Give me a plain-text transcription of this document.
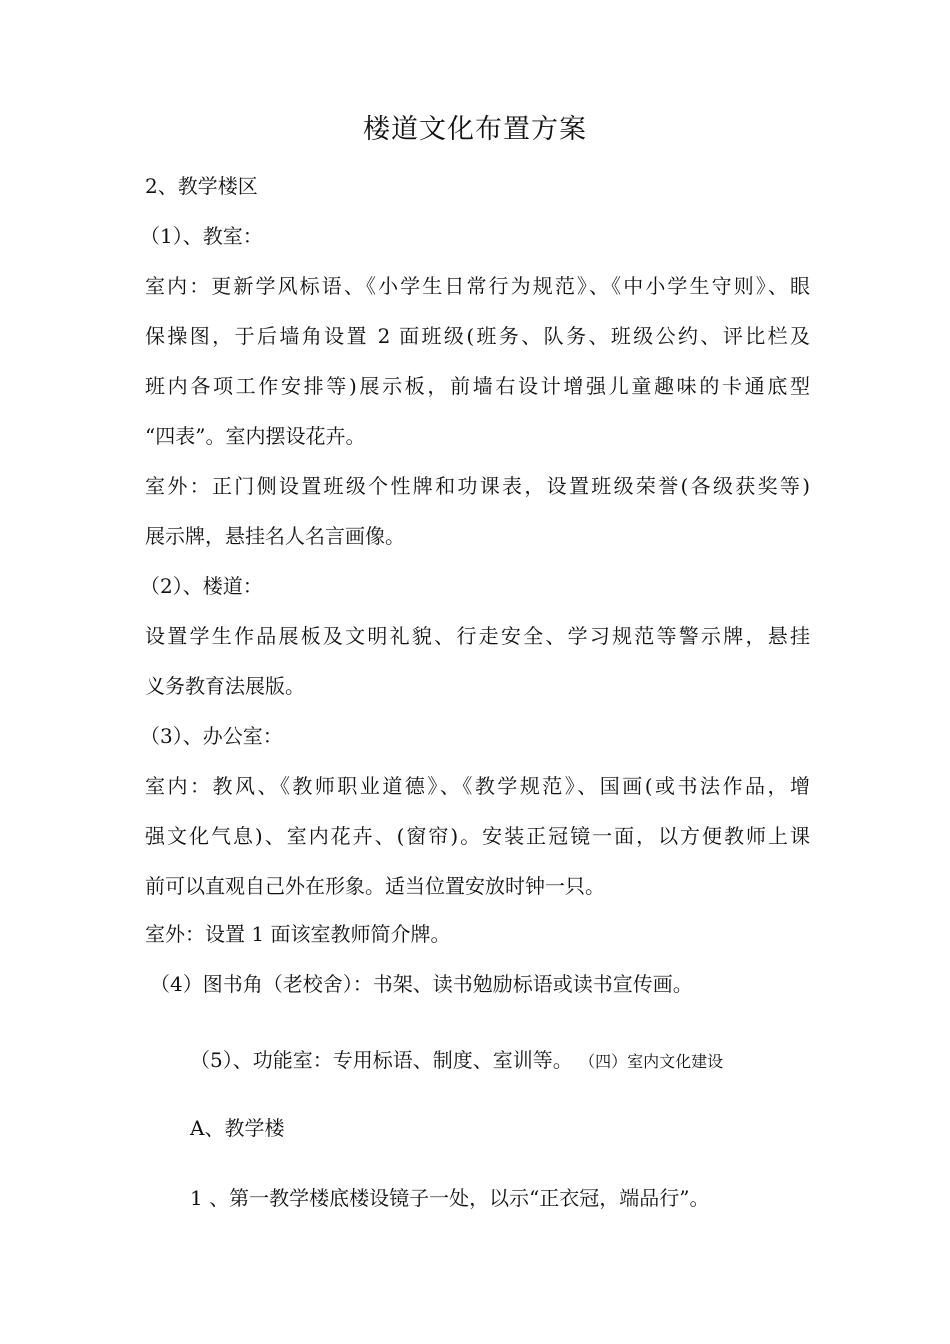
楼道文化布置方案
2、教学楼区
（1）、教室：
室内：更新学风标语、《小学生日常行为规范》、《中小学生守则》、眼
保操图，于后墙角设置 2 面班级(班务、队务、班级公约、评比栏及
班内各项工作安排等)展示板，前墙右设计增强儿童趣味的卡通底型
“四表”。室内摆设花卉。
室外：正门侧设置班级个性牌和功课表，设置班级荣誉(各级获奖等)
展示牌，悬挂名人名言画像。
（2）、楼道：
设置学生作品展板及文明礼貌、行走安全、学习规范等警示牌，悬挂
义务教育法展版。
（3）、办公室：
室内：教风、《教师职业道德》、《教学规范》、国画(或书法作品，增
强文化气息)、室内花卉、(窗帘)。安装正冠镜一面，以方便教师上课
前可以直观自己外在形象。适当位置安放时钟一只。
室外：设置 1 面该室教师简介牌。
（4）图书角（老校舍）：书架、读书勉励标语或读书宣传画。
（5）、功能室：专用标语、制度、室训等。 （四）室内文化建设
A、教学楼
1 、第一教学楼底楼设镜子一处，以示“正衣冠，端品行”。
